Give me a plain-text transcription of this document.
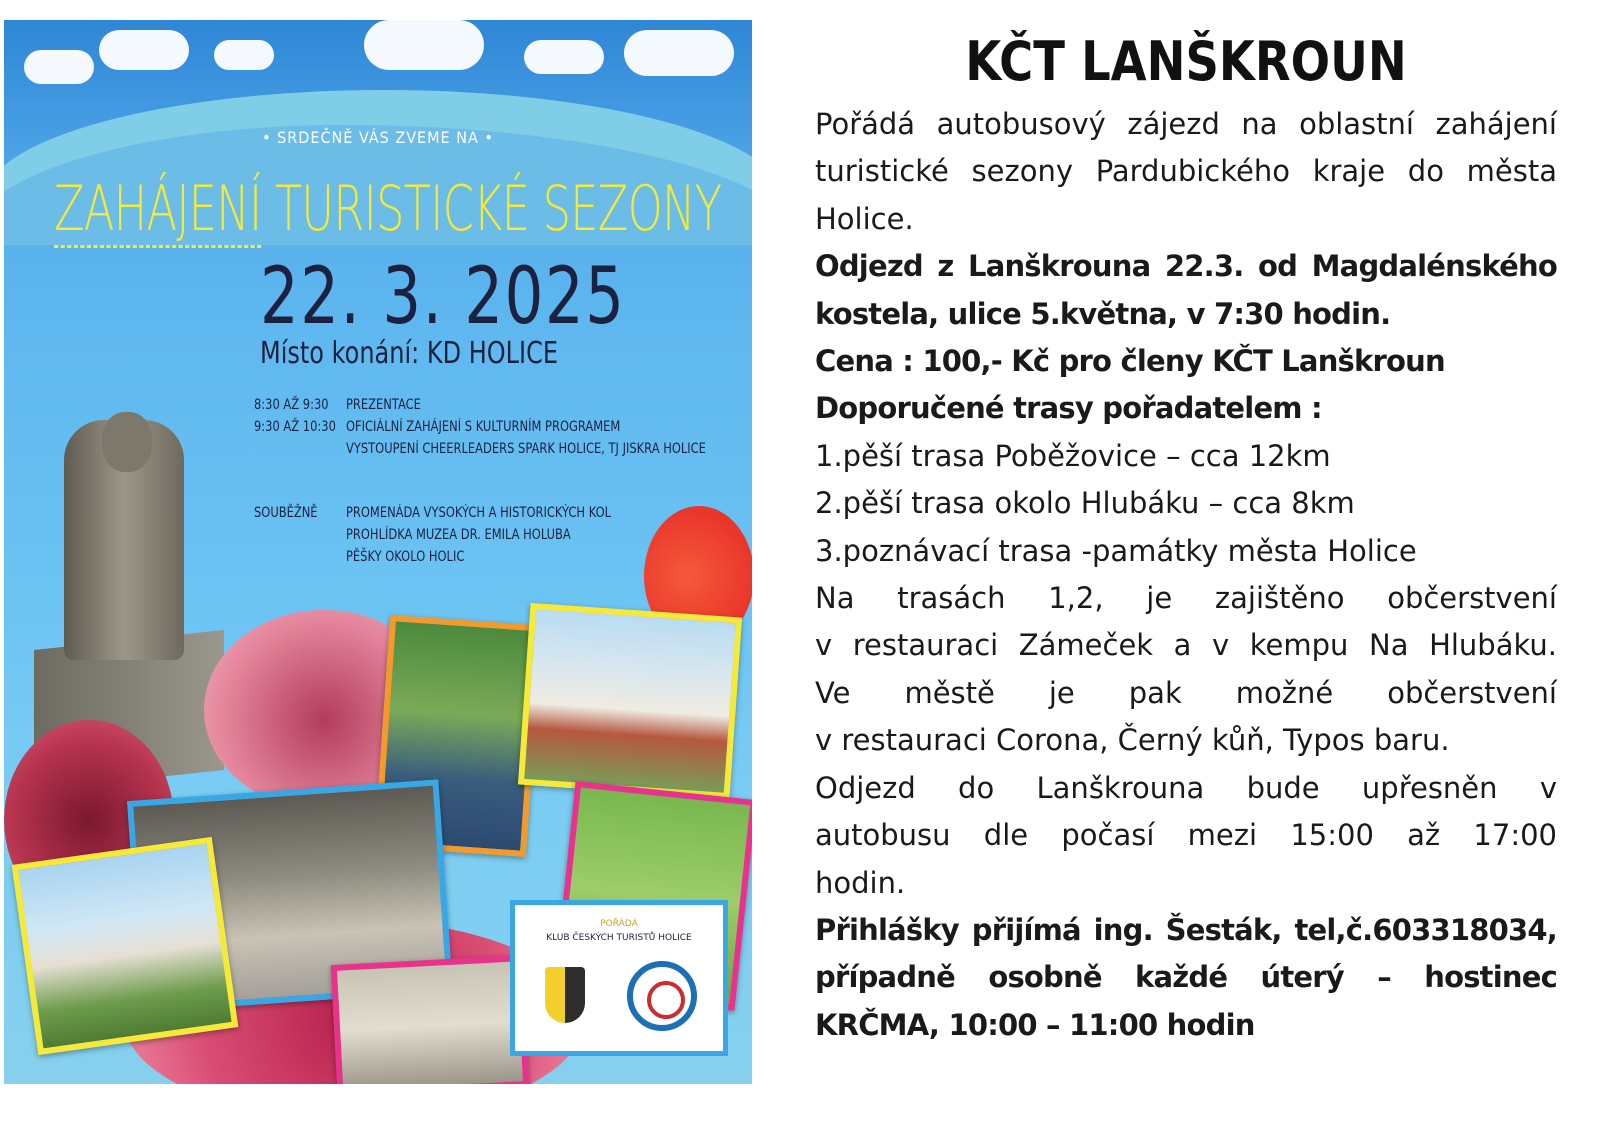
• SRDEČNĚ VÁS ZVEME NA •
ZAHÁJENÍ TURISTICKÉ SEZONY
22. 3. 2025
Místo konání: KD HOLICE
8:30 AŽ 9:30 PREZENTACE
9:30 AŽ 10:30 OFICIÁLNÍ ZAHÁJENÍ S KULTURNÍM PROGRAMEM
VYSTOUPENÍ CHEERLEADERS SPARK HOLICE, TJ JISKRA HOLICE
SOUBĚŽNĚ PROMENÁDA VYSOKÝCH A HISTORICKÝCH KOL
PROHLÍDKA MUZEA DR. EMILA HOLUBA
PĚŠKY OKOLO HOLIC
POŘÁDÁ
KLUB ČESKÝCH TURISTŮ HOLICE
KČT LANŠKROUN

Pořádá autobusový zájezd na oblastní zahájení

turistické sezony Pardubického kraje do města

Holice.

Odjezd z Lanškrouna 22.3. od Magdalénského

kostela, ulice 5.května, v 7:30 hodin.

Cena : 100,- Kč pro členy KČT Lanškroun

Doporučené trasy pořadatelem :

1.pěší trasa Poběžovice – cca 12km

2.pěší trasa okolo Hlubáku – cca 8km

3.poznávací trasa -památky města Holice

Na trasách 1,2, je zajištěno občerstvení

v restauraci Zámeček a v kempu Na Hlubáku.

Ve městě je pak možné občerstvení

v restauraci Corona, Černý kůň, Typos baru.

Odjezd do Lanškrouna bude upřesněn v

autobusu dle počasí mezi 15:00 až 17:00

hodin.

Přihlášky přijímá ing. Šesták, tel,č.603318034,

případně osobně každé úterý – hostinec

KRČMA, 10:00 – 11:00 hodin
